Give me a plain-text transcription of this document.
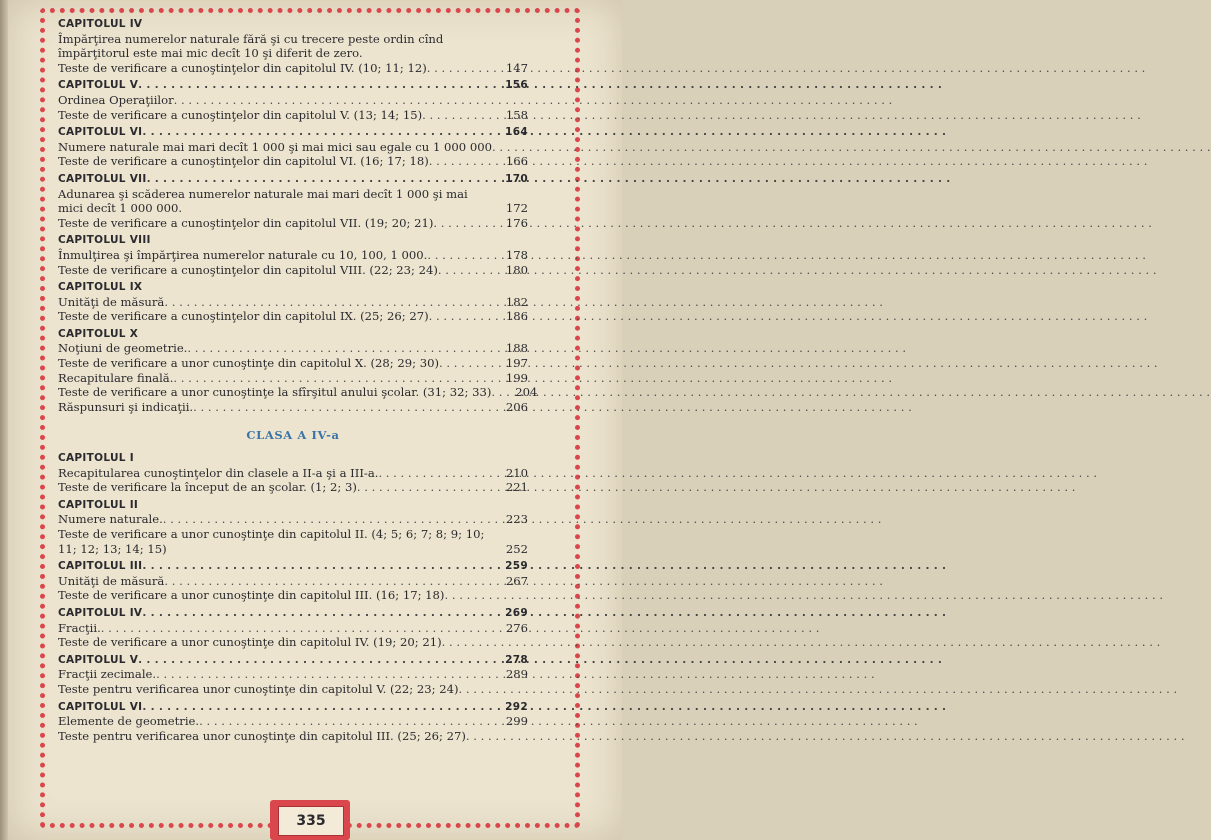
CAPITOLUL IV
Împărţirea numerelor naturale fără şi cu trecere peste ordin cînd împărţitorul este mai mic decît 10 şi diferit de zero.
Teste de verificare a cunoştinţelor din capitolul IV. (10; 11; 12) . . .	147
CAPITOLUL V . . .	156
Ordinea Operaţiilor
. . .
Teste de verificare a cunoştinţelor din capitolul V. (13; 14; 15) . . .	158
CAPITOLUL VI . . .	164
Numere naturale mai mari decît 1 000 şi mai mici sau egale cu 1 000 000
. . .
Teste de verificare a cunoştinţelor din capitolul VI. (16; 17; 18) . . .	166
CAPITOLUL VII . . .	170
Adunarea şi scăderea numerelor naturale mai mari decît 1 000 şi mai mici decît 1 000 000.	172
Teste de verificare a cunoştinţelor din capitolul VII. (19; 20; 21) . . .	176
CAPITOLUL VIII
Înmulţirea şi împărţirea numerelor naturale cu 10, 100, 1 000. . . .	178
Teste de verificare a cunoştinţelor din capitolul VIII. (22; 23; 24) . . .	180
CAPITOLUL IX
Unităţi de măsură . . .	182
Teste de verificare a cunoştinţelor din capitolul IX. (25; 26; 27) . . .	186
CAPITOLUL X
Noţiuni de geometrie. . . .	188
Teste de verificare a unor cunoştinţe din capitolul X. (28; 29; 30) . . .	197
Recapitulare finală. . . .	199
Teste de verificare a unor cunoştinţe la sfîrşitul anului şcolar. (31; 32; 33) . . .	204
Răspunsuri şi indicaţii. . . .	206
CLASA A IV-a
CAPITOLUL I
Recapitularea cunoştinţelor din clasele a II-a şi a III-a. . . .	210
Teste de verificare la început de an şcolar. (1; 2; 3) . . .	221
CAPITOLUL II
Numere naturale. . . .	223
Teste de verificare a unor cunoştinţe din capitolul II. (4; 5; 6; 7; 8; 9; 10; 11; 12; 13; 14; 15)	252
CAPITOLUL III . . .	259
Unităţi de măsură . . .	267
Teste de verificare a unor cunoştinţe din capitolul III. (16; 17; 18)
. . .
CAPITOLUL IV . . .	269
Fracţii. . . .	276
Teste de verificare a unor cunoştinţe din capitolul IV. (19; 20; 21)
. . .
CAPITOLUL V . . .	278
Fracţii zecimale. . . .	289
Teste pentru verificarea unor cunoştinţe din capitolul V. (22; 23; 24)
. . .
CAPITOLUL VI . . .	292
Elemente de geometrie. . . .	299
Teste pentru verificarea unor cunoştinţe din capitolul III. (25; 26; 27)
. . .
335
